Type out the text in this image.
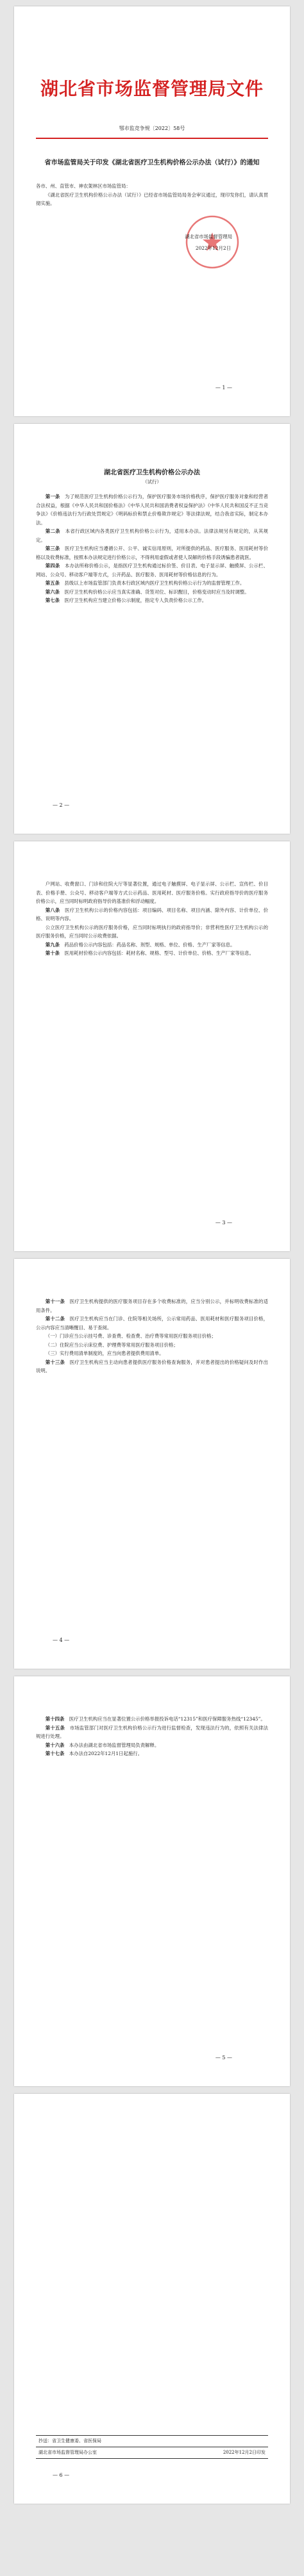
湖北省市场监督管理局文件
鄂市监竞争规〔2022〕58号
省市场监管局关于印发《湖北省医疗卫生机构价格公示办法（试行）》的通知

各市、州、直管市、神农架林区市场监管局：

《湖北省医疗卫生机构价格公示办法（试行）》已经省市场监管局局务会审议通过，现印发你们，请认真贯彻实施。

湖北省市场监督管理局
2022年12月2日
— 1 —
湖北省医疗卫生机构价格公示办法
（试行）

第一条　 为了规范医疗卫生机构价格公示行为，保护医疗服务市场价格秩序，保护医疗服务对象和经营者合法权益，根据《中华人民共和国价格法》《中华人民共和国消费者权益保护法》《中华人民共和国反不正当竞争法》《价格违法行为行政处罚规定》《明码标价和禁止价格欺诈规定》等法律法规，结合我省实际，制定本办法。

第二条　 本省行政区域内各类医疗卫生机构价格公示行为，适用本办法。法律法规另有规定的，从其规定。

第三条　 医疗卫生机构应当遵循公开、公平、诚实信用原则，对所提供的药品、医疗服务、医用耗材等价格以及收费标准，按照本办法规定进行价格公示，不得利用虚假或者使人误解的价格手段诱骗患者就医。

第四条　 本办法所称价格公示，是指医疗卫生机构通过标价签、价目表、电子显示屏、触摸屏、公示栏、网站、公众号、移动客户端等方式，公开药品、医疗服务、医用耗材等价格信息的行为。

第五条　 县级以上市场监管部门负责本行政区域内医疗卫生机构价格公示行为的监督管理工作。

第六条　 医疗卫生机构价格公示应当真实准确、货签对位、标识醒目，价格变动时应当及时调整。

第七条　 医疗卫生机构应当建立价格公示制度，指定专人负责价格公示工作。

— 2 —

户网站、收费窗口、门诊和住院大厅等显著位置，通过电子触摸屏、电子显示屏、公示栏、宣传栏、价目表、价格手册、公众号、移动客户端等方式公示药品、医用耗材、医疗服务价格。实行政府指导价的医疗服务价格公示，应当同时标明政府指导价的基准价和浮动幅度。

第八条　 医疗卫生机构公示的价格内容包括：项目编码、项目名称、项目内涵、除外内容、计价单位、价格、说明等内容。

公立医疗卫生机构公示的医疗服务价格，应当同时标明执行的政府指导价；非营利性医疗卫生机构公示的医疗服务价格，应当同时公示收费依据。

第九条　 药品价格公示内容包括：药品名称、剂型、规格、单位、价格、生产厂家等信息。

第十条　 医用耗材价格公示内容包括：耗材名称、规格、型号、计价单位、价格、生产厂家等信息。

— 3 —

第十一条　 医疗卫生机构提供的医疗服务项目存在多个收费标准的，应当分别公示，并标明收费标准的适用条件。

第十二条　 医疗卫生机构应当在门诊、住院等相关场所，公示常用药品、医用耗材和医疗服务项目价格，公示内容应当清晰醒目、易于查阅。

（一）门诊应当公示挂号费、诊查费、检查费、治疗费等常用医疗服务项目价格；

（二）住院应当公示床位费、护理费等常用医疗服务项目价格；

（三）实行费用清单制度的，应当向患者提供费用清单。

第十三条　 医疗卫生机构应当主动向患者提供医疗服务价格查询服务，并对患者提出的价格疑问及时作出说明。

— 4 —

第十四条　 医疗卫生机构应当在显著位置公示价格举报投诉电话“12315”和医疗保障服务热线“12345”。

第十五条　 市场监管部门对医疗卫生机构价格公示行为进行监督检查，发现违法行为的，依照有关法律法规进行处理。

第十六条　 本办法由湖北省市场监督管理局负责解释。

第十七条　 本办法自2022年12月1日起施行。

— 5 —
抄送：省卫生健康委、省医保局
湖北省市场监督管理局办公室	2022年12月2日印发
— 6 —
